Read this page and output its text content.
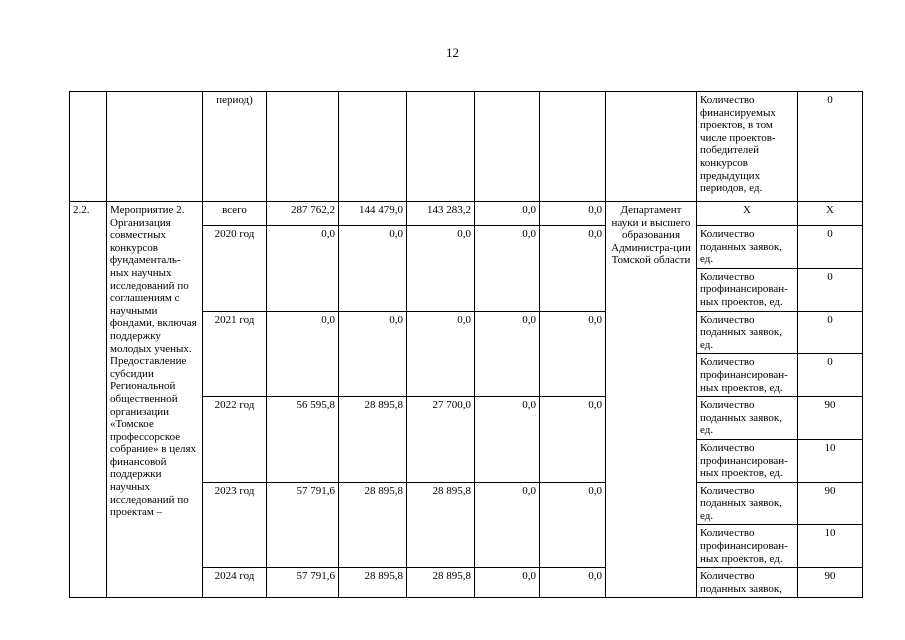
12
		период)							Количество финансируемых проектов, в том числе проектов-победителей конкурсов предыдущих периодов, ед.	0
2.2.	Мероприятие 2. Организация совместных конкурсов фундаменталь-ных научных исследований по соглашениям с научными фондами, включая поддержку молодых ученых. Предоставление субсидии Региональной общественной организации «Томское профессорское собрание» в целях финансовой поддержки научных исследований по проектам –	всего	287 762,2	144 479,0	143 283,2	0,0	0,0	Департамент науки и высшего образования Администра-ции Томской области	X	X
		2020 год	0,0	0,0	0,0	0,0	0,0		Количество поданных заявок, ед.	0
									Количество профинансирован-ных проектов, ед.	0
		2021 год	0,0	0,0	0,0	0,0	0,0		Количество поданных заявок, ед.	0
									Количество профинансирован-ных проектов, ед.	0
		2022 год	56 595,8	28 895,8	27 700,0	0,0	0,0		Количество поданных заявок, ед.	90
									Количество профинансирован-ных проектов, ед.	10
		2023 год	57 791,6	28 895,8	28 895,8	0,0	0,0		Количество поданных заявок, ед.	90
									Количество профинансирован-ных проектов, ед.	10
		2024 год	57 791,6	28 895,8	28 895,8	0,0	0,0		Количество поданных заявок,	90
